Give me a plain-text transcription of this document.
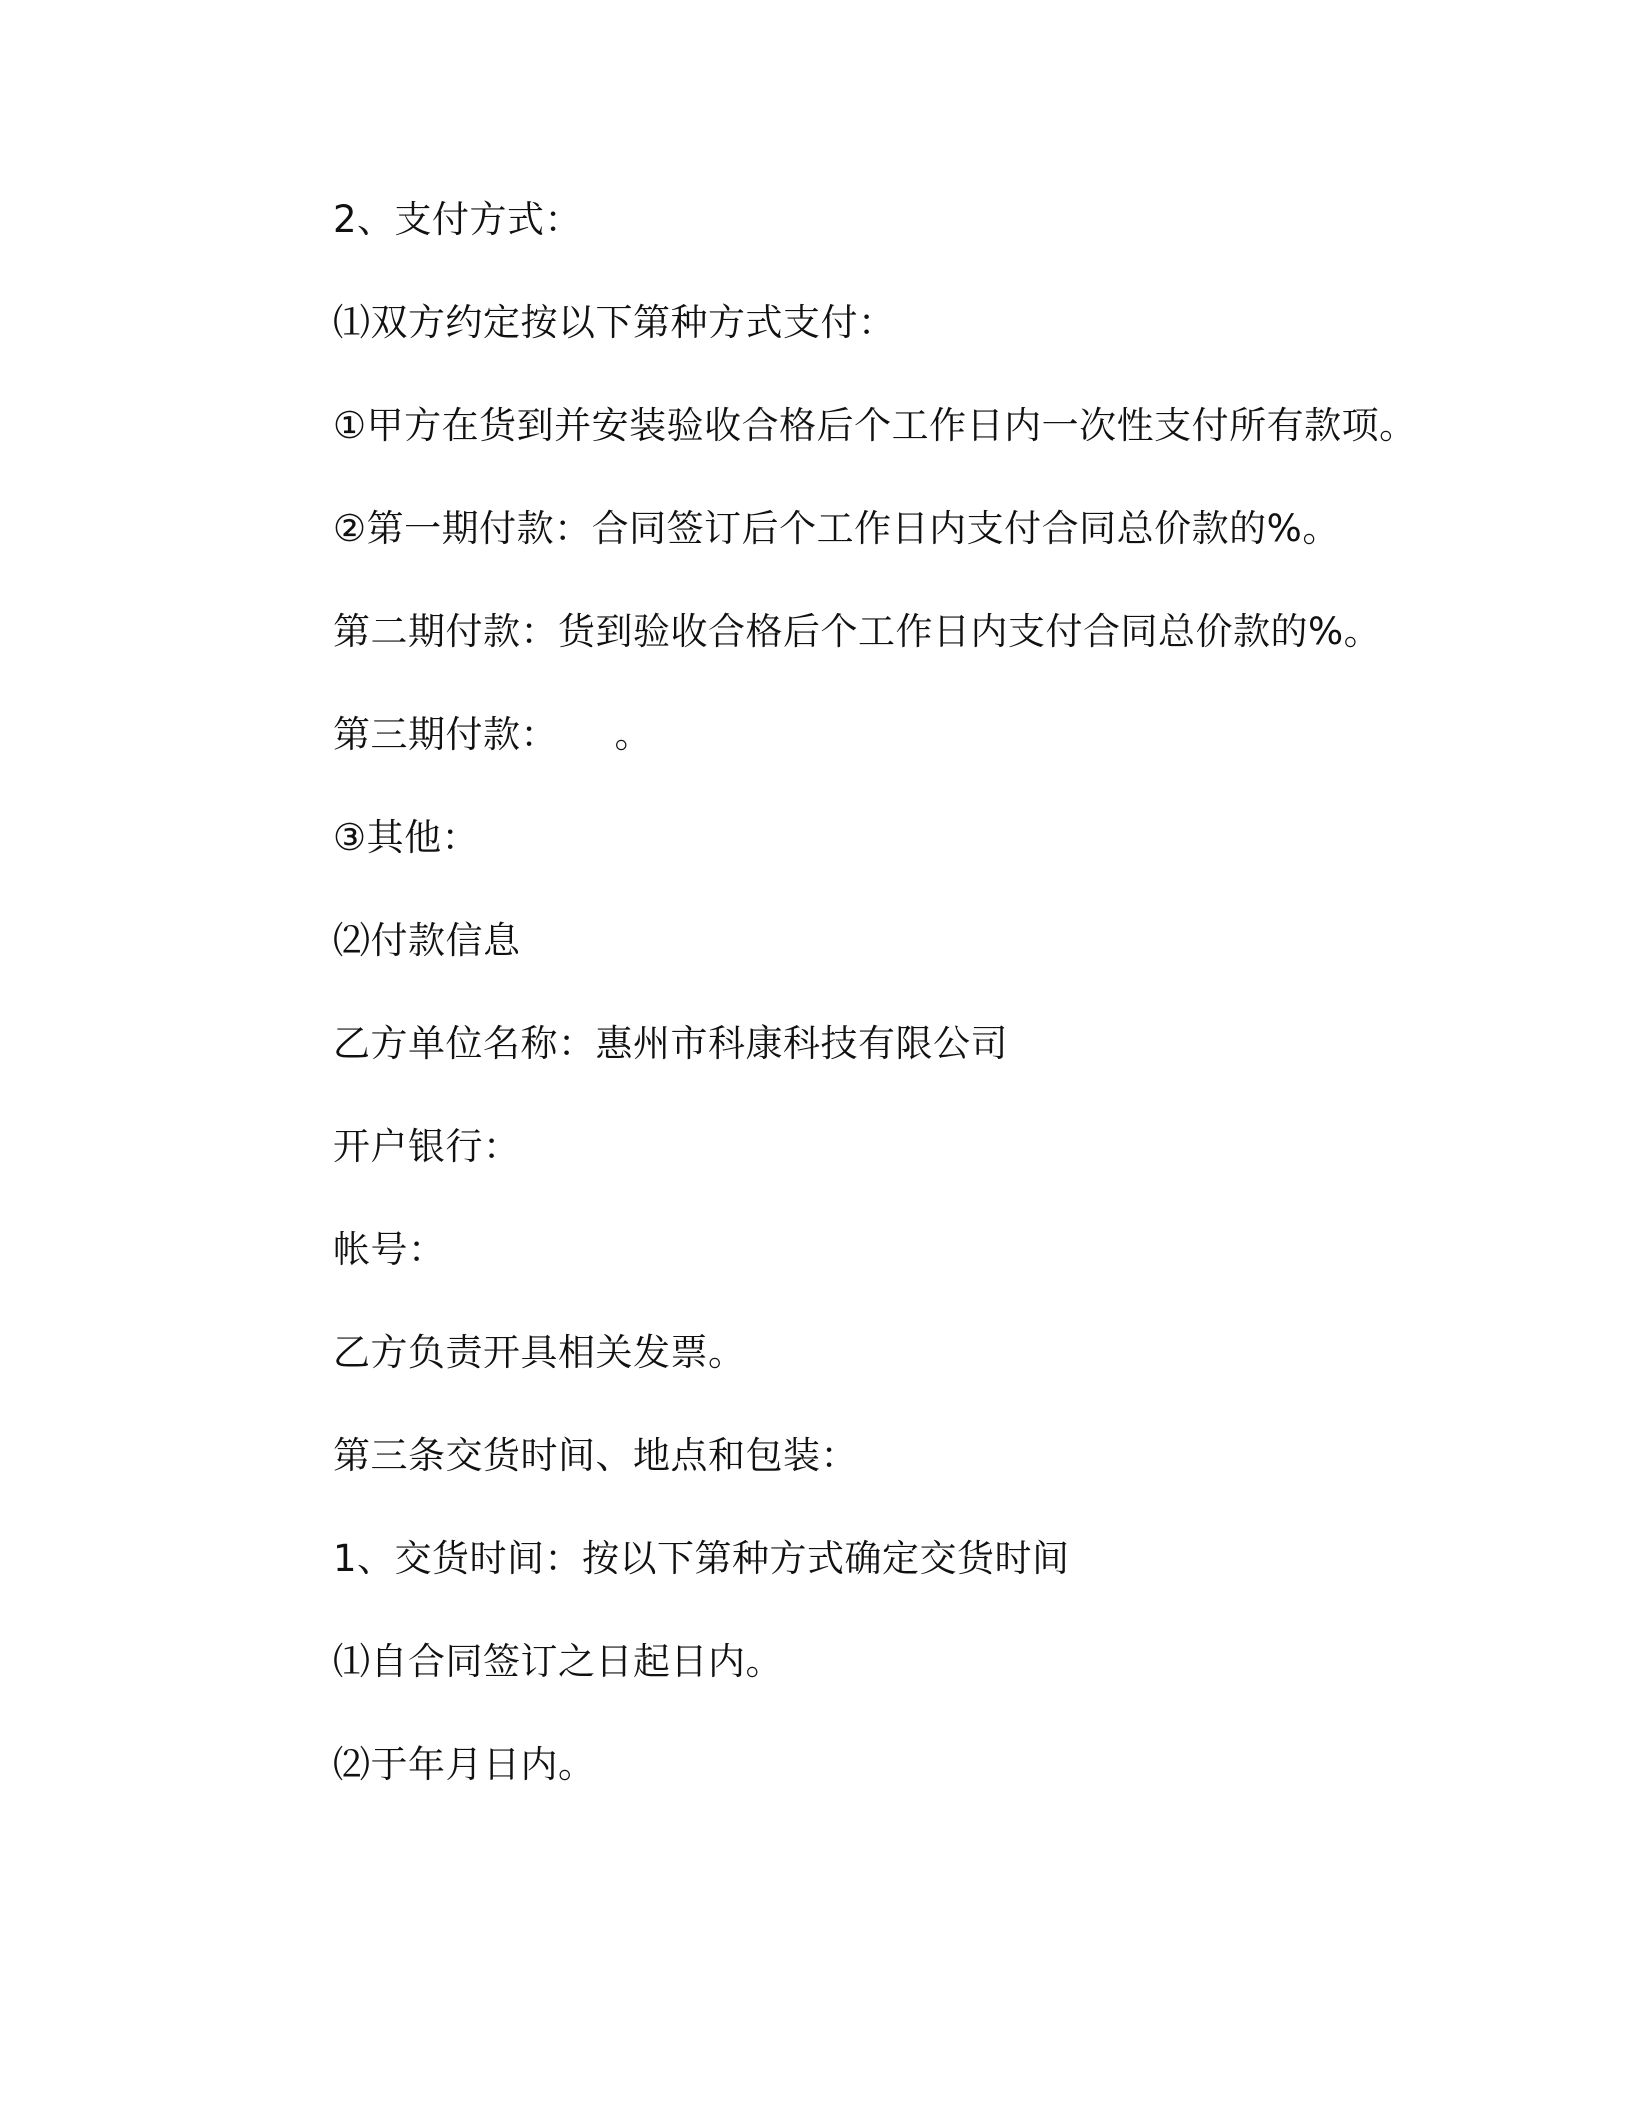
2、支付方式：

⑴双方约定按以下第种方式支付：

①甲方在货到并安装验收合格后个工作日内一次性支付所有款项。

②第一期付款：合同签订后个工作日内支付合同总价款的%。

第二期付款：货到验收合格后个工作日内支付合同总价款的%。

第三期付款：　　。

③其他：

⑵付款信息

乙方单位名称：惠州市科康科技有限公司

开户银行：

帐号：

乙方负责开具相关发票。

第三条交货时间、地点和包装：

1、交货时间：按以下第种方式确定交货时间

⑴自合同签订之日起日内。

⑵于年月日内。
